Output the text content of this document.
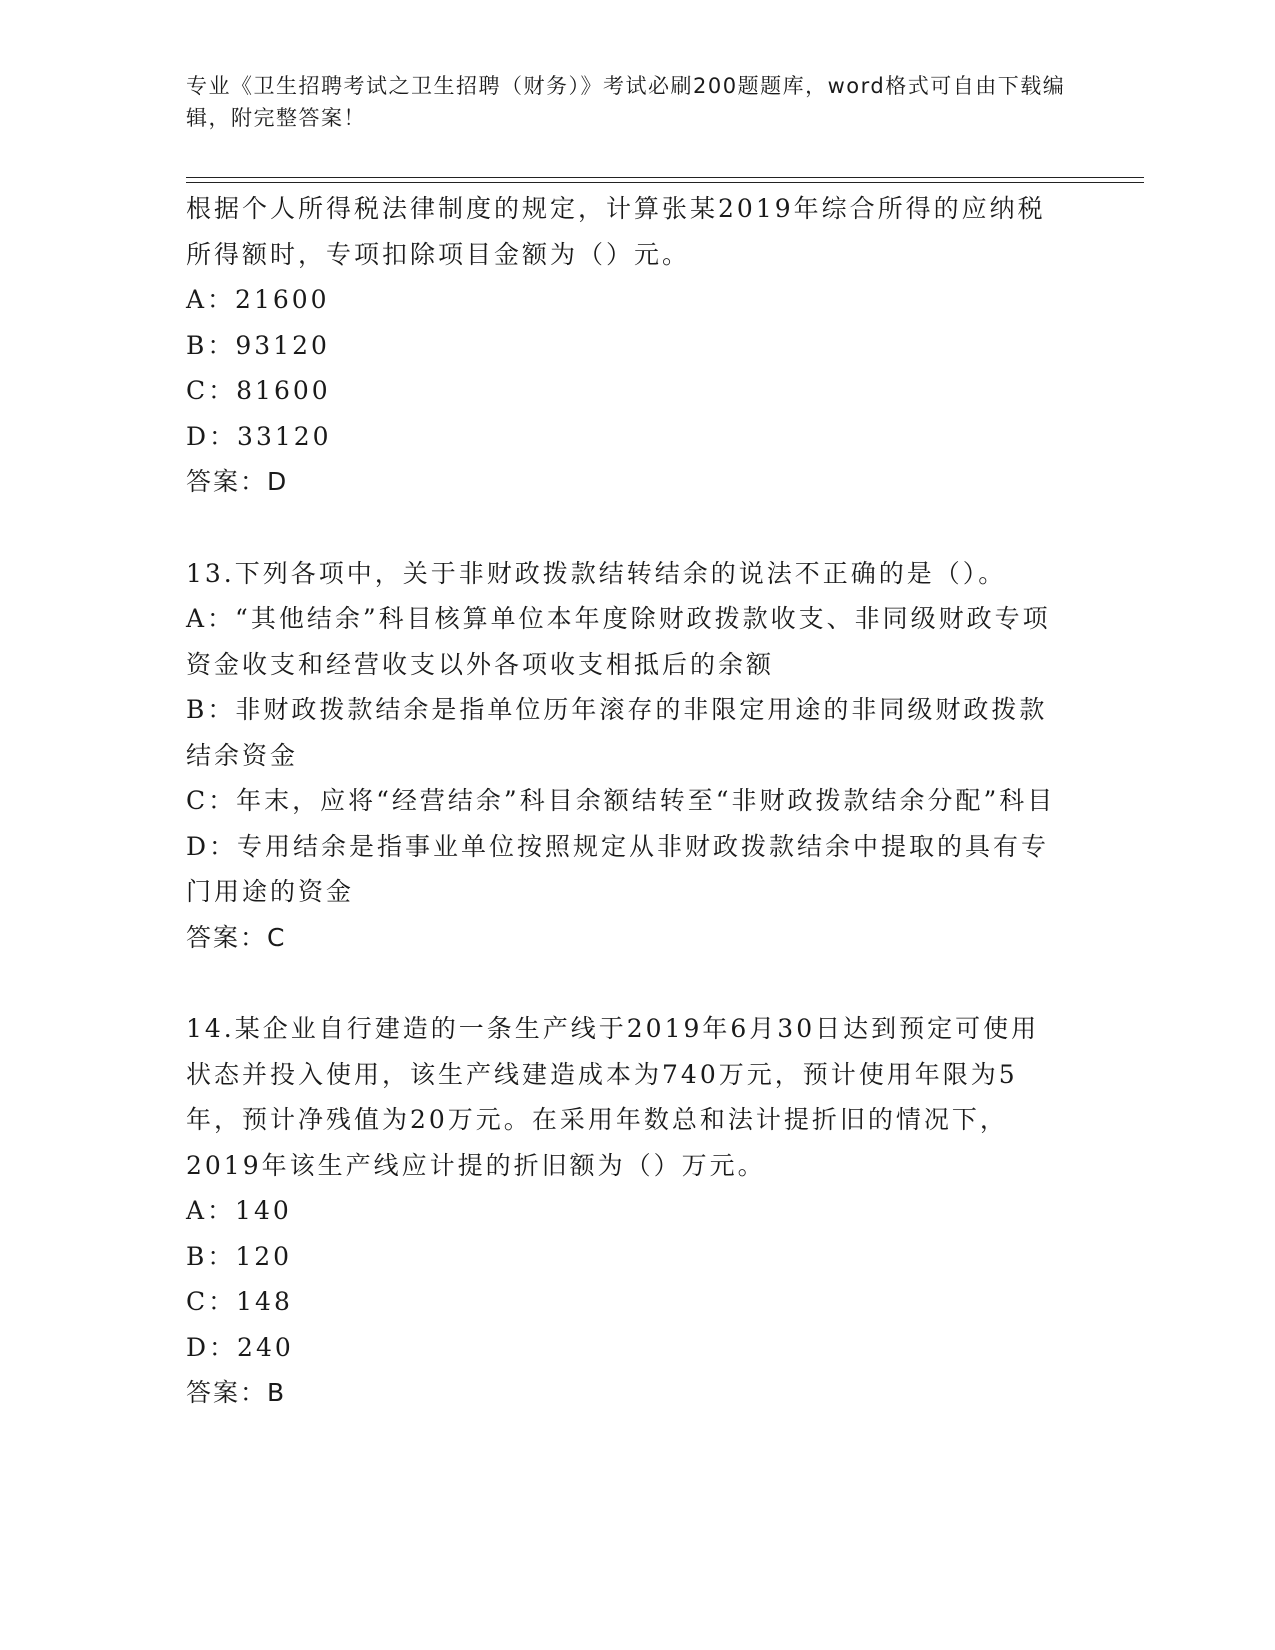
专业《卫生招聘考试之卫生招聘（财务）》考试必刷200题题库，word格式可自由下载编辑，附完整答案！

根据个人所得税法律制度的规定，计算张某2019年综合所得的应纳税所得额时，专项扣除项目金额为（）元。

A：21600

B：93120

C：81600

D：33120

答案：D

13.下列各项中，关于非财政拨款结转结余的说法不正确的是（）。

A：“其他结余”科目核算单位本年度除财政拨款收支、非同级财政专项资金收支和经营收支以外各项收支相抵后的余额

B：非财政拨款结余是指单位历年滚存的非限定用途的非同级财政拨款结余资金

C：年末，应将“经营结余”科目余额结转至“非财政拨款结余分配”科目

D：专用结余是指事业单位按照规定从非财政拨款结余中提取的具有专门用途的资金

答案：C

14.某企业自行建造的一条生产线于2019年6月30日达到预定可使用状态并投入使用，该生产线建造成本为740万元，预计使用年限为5年，预计净残值为20万元。在采用年数总和法计提折旧的情况下，2019年该生产线应计提的折旧额为（）万元。

A：140

B：120

C：148

D：240

答案：B
